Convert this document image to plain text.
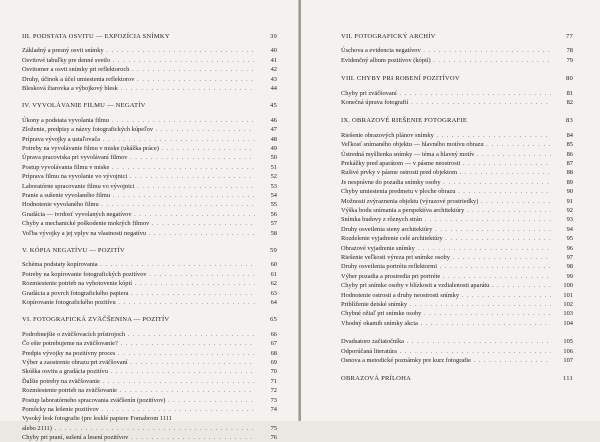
III. PODSTATA OSVITU — EXPOZÍCIA SNÍMKY	39
Základný a presný osvit snímky . . .	40
Osvitové tabuľky pre denné svetlo . . .	41
Osvitomer a osvit snímky pri reflektoroch . . .	42
Druhy, účinok a účel umiestenia reflektorov . . .	43
Blesková žiarovka a výbojkový blesk . . .	44
IV. VYVOLÁVANIE FILMU — NEGATÍV	45
Úkony a podstata vyvolania filmu . . .	46
Zloženie, predpisy a názvy fotografických kúpeľov . . .	47
Príprava vývojky a ustaľovača . . .	48
Potreby na vyvolávanie filmu v miske (ukážka práce) . . .	49
Úprava pracoviska pri vyvolávaní filmov . . .	50
Postup vyvolávania filmu v miske . . .	51
Príprava filmu na vyvolanie vo vývojnici . . .	52
Laboratórne spracovanie filmu vo vývojnici . . .	53
Pranie a sušenie vyvolaného filmu . . .	54
Hodnotenie vyvolaného filmu . . .	55
Gradácia — tvrdosť vyvolaných negatívov . . .	56
Chyby a mechanické poškodenie mokrých filmov . . .	57
Voľba vývojky a jej vplyv na vlastnosti negatívu . . .	58
V. KÓPIA NEGATÍVU — POZITÍV	59
Schéma podstaty kopírovania . . .	60
Potreby na kopírovanie fotografických pozitívov . . .	61
Rozmiestenie potrieb na vyhotovenie kópií . . .	62
Gradácia a povrch fotografického papiera . . .	63
Kopírovanie fotografického pozitívu . . .	64
VI. FOTOGRAFICKÁ ZVÄČŠENINA — POZITÍV	65
Podrobnejšie o zväčšovacích prístrojoch . . .	66
Čo ešte potrebujeme na zväčšovanie? . . .	67
Predpis vývojky na pozitívny proces . . .	68
Výber a zaostrenie obrazu pri zväčšovaní . . .	69
Skúška osvitu a gradácia pozitívu . . .	70
Ďalšie potreby na zväčšovanie . . .	71
Rozmiestenie potrieb na zväčšovanie . . .	72
Postup laboratórneho spracovania zväčšenín (pozitívov) . . .	73
Pomôcky na lešenie pozitívov . . .	74
Vysoký lesk fotografie (pre lesklé papiere Fomabrom 1111
alebo 2111) . . .	75
Chyby pri praní, sušení a lesení pozitívov . . .	76
VII. FOTOGRAFICKÝ ARCHÍV	77
Úschova a evidencia negatívov . . .	78
Evidenčný album pozitívov (kópií) . . .	79
VIII. CHYBY PRI ROBENÍ POZITÍVOV	80
Chyby pri zväčšovaní . . .	81
Konečná úprava fotografií . . .	82
IX. OBRAZOVÉ RIEŠENIE FOTOGRAFIE	83
Riešenie obrazových plánov snímky . . .	84
Veľkosť snímaného objektu — hlavného motívu obrazu . . .	85
Ústredná myšlienka snímky — téma a hlavný motív . . .	86
Prekážky pred aparátom — v pásme neostrosti . . .	87
Rušivé prvky v pásme ostrosti pred objektom . . .	88
Je nesprávne do pozadia snímky osoby . . .	89
Chyby umiestenia predmetu v ploche obrazu . . .	90
Možnosti zvýraznenia objektu (výrazové prostriedky) . . .	91
Výška bodu snímania a perspektíva architektúry . . .	92
Snímka budovy z rôznych strán . . .	93
Druhy osvetlenia steny architektúry . . .	94
Rozdelenie vyjadrenie celé architektúry . . .	95
Obrazové vyjadrenie snímky . . .	96
Riešenie veľkosti výreza pri snímke osoby . . .	97
Druhy osvetlenia portrétu reflektormi . . .	98
Výber pozadia a prostredia pri portréte . . .	99
Chyby pri snímke osoby v blízkosti a vzdialenosti aparátu . . .	100
Hodnotenie ostrosti a druhy neostrosti snímky . . .	101
Priblíženie detské snímky . . .	102
Chybné ožiaľ pri snímke osoby . . .	103
Vhodný okamih snímky akcia . . .	104
Dvadsatoro začiatočníka . . .	105
Odporúčaná literatúra . . .	106
Osnova a metodické poznámky pre kurz fotografie . . .	107
OBRAZOVÁ PRÍLOHA	111
